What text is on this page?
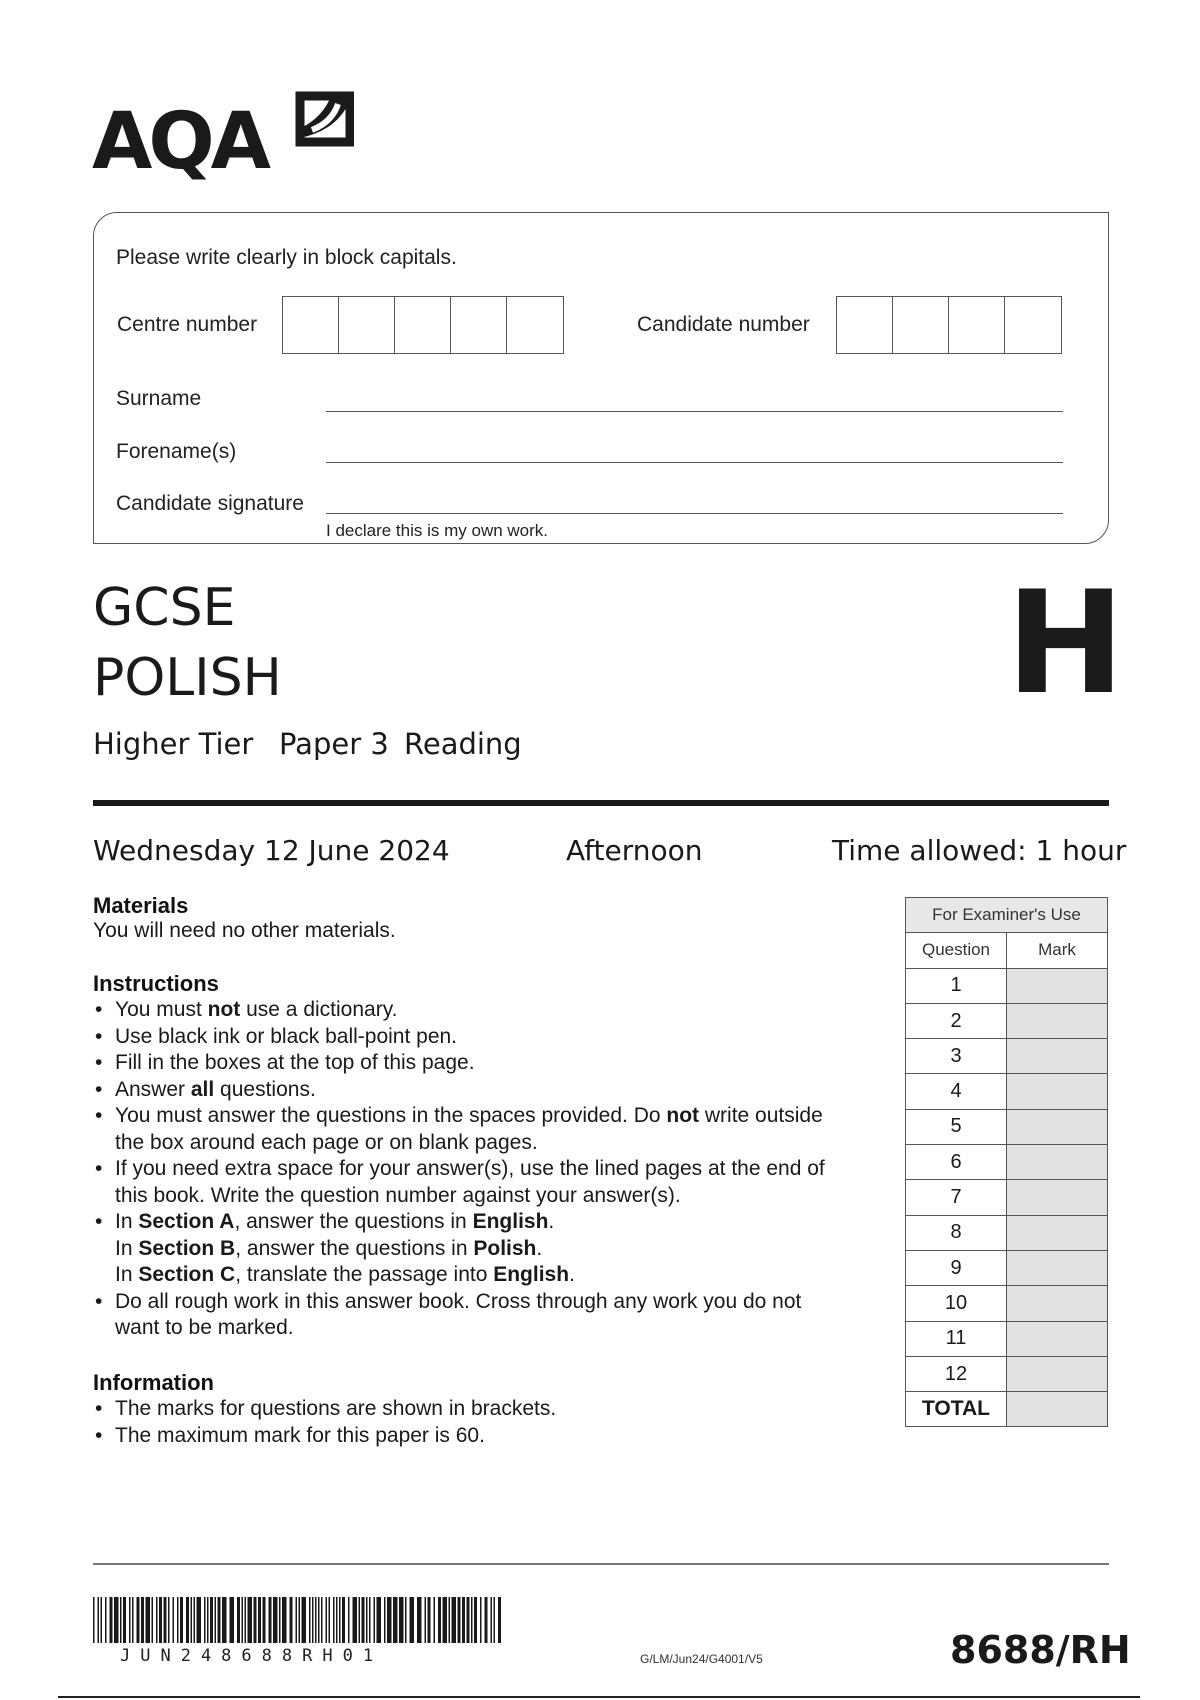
AQA
Please write clearly in block capitals.
Centre number	Candidate number
Surname
Forename(s)
Candidate signature
I declare this is my own work.
GCSE
POLISH	H
Higher Tier Paper 3 Reading
Wednesday 12 June 2024	Afternoon	Time allowed: 1 hour
Materials
You will need no other materials.
Instructions
• You must not use a dictionary.
• Use black ink or black ball-point pen.
• Fill in the boxes at the top of this page.
• Answer all questions.
• You must answer the questions in the spaces provided. Do not write outside
the box around each page or on blank pages.
• If you need extra space for your answer(s), use the lined pages at the end of
this book. Write the question number against your answer(s).
• In Section A, answer the questions in English.
In Section B, answer the questions in Polish.
In Section C, translate the passage into English.
• Do all rough work in this answer book. Cross through any work you do not
want to be marked.
Information
• The marks for questions are shown in brackets.
• The maximum mark for this paper is 60.
For Examiner's Use	
Question	Mark
1	
2	
3	
4	
5	
6	
7	
8	
9	
10	
11	
12	
TOTAL	
JUN248688RH01	G/LM/Jun24/G4001/V5	8688/RH
